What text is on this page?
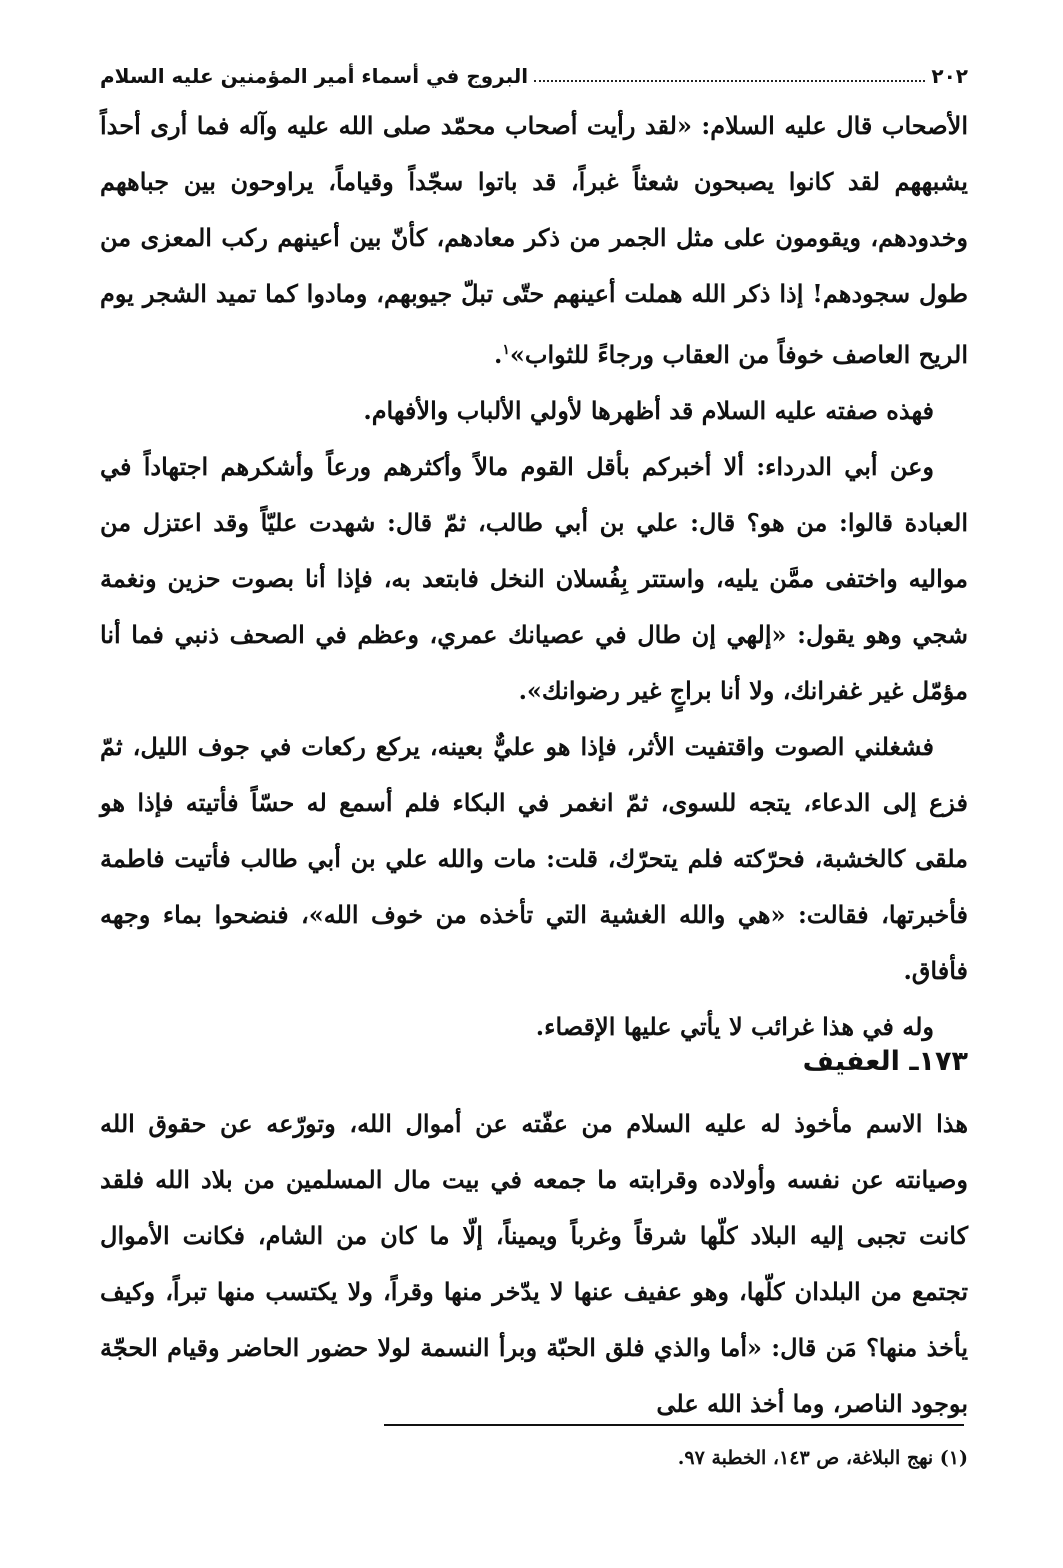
٢٠٢
البروج في أسماء أمير المؤمنين عليه السلام

الأصحاب قال عليه السلام: «لقد رأيت أصحاب محمّد صلى الله عليه وآله فما أرى أحداً يشبههم لقد كانوا يصبحون شعثاً غبراً، قد باتوا سجّداً وقياماً، يراوحون بين جباههم وخدودهم، ويقومون على مثل الجمر من ذكر معادهم، كأنّ بين أعينهم ركب المعزى من طول سجودهم! إذا ذكر الله هملت أعينهم حتّى تبلّ جيوبهم، ومادوا كما تميد الشجر يوم الريح العاصف خوفاً من العقاب ورجاءً للثواب»$^١$.

فهذه صفته عليه السلام قد أظهرها لأولي الألباب والأفهام.

وعن أبي الدرداء: ألا أخبركم بأقل القوم مالاً وأكثرهم ورعاً وأشكرهم اجتهاداً في العبادة قالوا: من هو؟ قال: علي بن أبي طالب، ثمّ قال: شهدت عليّاً وقد اعتزل من مواليه واختفى ممَّن يليه، واستتر بِفُسلان النخل فابتعد به، فإذا أنا بصوت حزين ونغمة شجي وهو يقول: «إلهي إن طال في عصيانك عمري، وعظم في الصحف ذنبي فما أنا مؤمّل غير غفرانك، ولا أنا براجٍ غير رضوانك».

فشغلني الصوت واقتفيت الأثر، فإذا هو عليٌّ بعينه، يركع ركعات في جوف الليل، ثمّ فزع إلى الدعاء، يتجه للسوى، ثمّ انغمر في البكاء فلم أسمع له حسّاً فأتيته فإذا هو ملقى كالخشبة، فحرّكته فلم يتحرّك، قلت: مات والله علي بن أبي طالب فأتيت فاطمة فأخبرتها، فقالت: «هي والله الغشية التي تأخذه من خوف الله»، فنضحوا بماء وجهه فأفاق.

وله في هذا غرائب لا يأتي عليها الإقصاء.

١٧٣ـ العفيف

هذا الاسم مأخوذ له عليه السلام من عفّته عن أموال الله، وتورّعه عن حقوق الله وصيانته عن نفسه وأولاده وقرابته ما جمعه في بيت مال المسلمين من بلاد الله فلقد كانت تجبى إليه البلاد كلّها شرقاً وغرباً ويميناً، إلّا ما كان من الشام، فكانت الأموال تجتمع من البلدان كلّها، وهو عفيف عنها لا يدّخر منها وقراً، ولا يكتسب منها تبراً، وكيف يأخذ منها؟ مَن قال: «أما والذي فلق الحبّة وبرأ النسمة لولا حضور الحاضر وقيام الحجّة بوجود الناصر، وما أخذ الله على

(١) نهج البلاغة، ص ١٤٣، الخطبة ٩٧.
